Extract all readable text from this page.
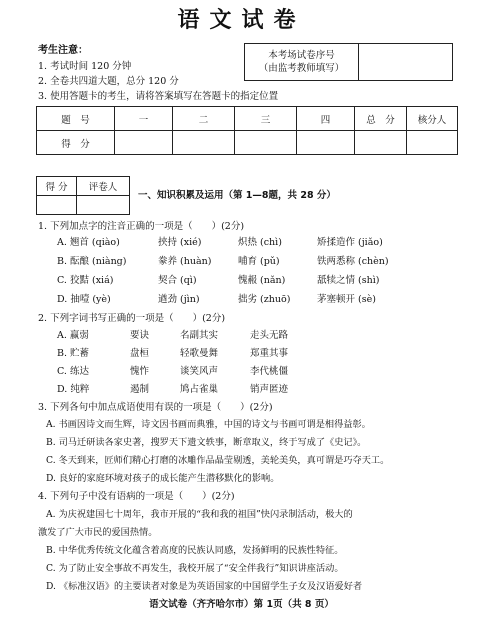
语文试卷
考生注意：
1. 考试时间 120 分钟
2. 全卷共四道大题，总分 120 分
3. 使用答题卡的考生，请将答案填写在答题卡的指定位置
本考场试卷序号
（由监考教师填写）

题　号	一	二	三	四	总　分	核分人
得　分						
得 分	评卷人

一、知识积累及运用（第 1—8题，共 28 分）
1. 下列加点字的注音正确的一项是（　　）(2分)
A. 翘首 (qiào)	挟持 (xié)	炽热 (chì)	矫揉造作 (jiǎo)
B. 酝酿 (niàng)	豢养 (huàn)	哺育 (pǔ)	铁两悉称 (chèn)
C. 狡黠 (xiá)	契合 (qì)	愧赧 (nǎn)	舐犊之情 (shì)
D. 抽噎 (yè)	遒劲 (jìn)	拙劣 (zhuō)	茅塞顿开 (sè)
2. 下列字词书写正确的一项是（　　）(2分)
A. 赢弱	要诀	名副其实	走头无路
B. 贮蓄	盘桓	轻歌曼舞	郑重其事
C. 练达	愧怍	谈笑风声	李代桃僵
D. 纯粹	遏制	鸠占雀巢	销声匿迹
3. 下列各句中加点成语使用有误的一项是（　　）(2分)
A. 书画因诗文而生辉，诗文因书画而典雅，中国的诗文与书画可谓是相得益彰。
B. 司马迁研读各家史著，搜罗天下遗文轶事，断章取义，终于写成了《史记》。
C. 冬天到来，匠师们精心打磨的冰雕作品晶莹剔透，美轮美奂，真可谓是巧夺天工。
D. 良好的家庭环境对孩子的成长能产生潜移默化的影响。
4. 下列句子中没有语病的一项是（　　）(2分)
A. 为庆祝建国七十周年，我市开展的“我和我的祖国”快闪录制活动，极大的
激发了广大市民的爱国热情。
B. 中华优秀传统文化蕴含着高度的民族认同感，发扬鲜明的民族性特征。
C. 为了防止安全事故不再发生，我校开展了“安全伴我行”知识讲座活动。
D. 《标准汉语》的主要读者对象是为英语国家的中国留学生子女及汉语爱好者
语文试卷（齐齐哈尔市）第 1页（共 8 页）
